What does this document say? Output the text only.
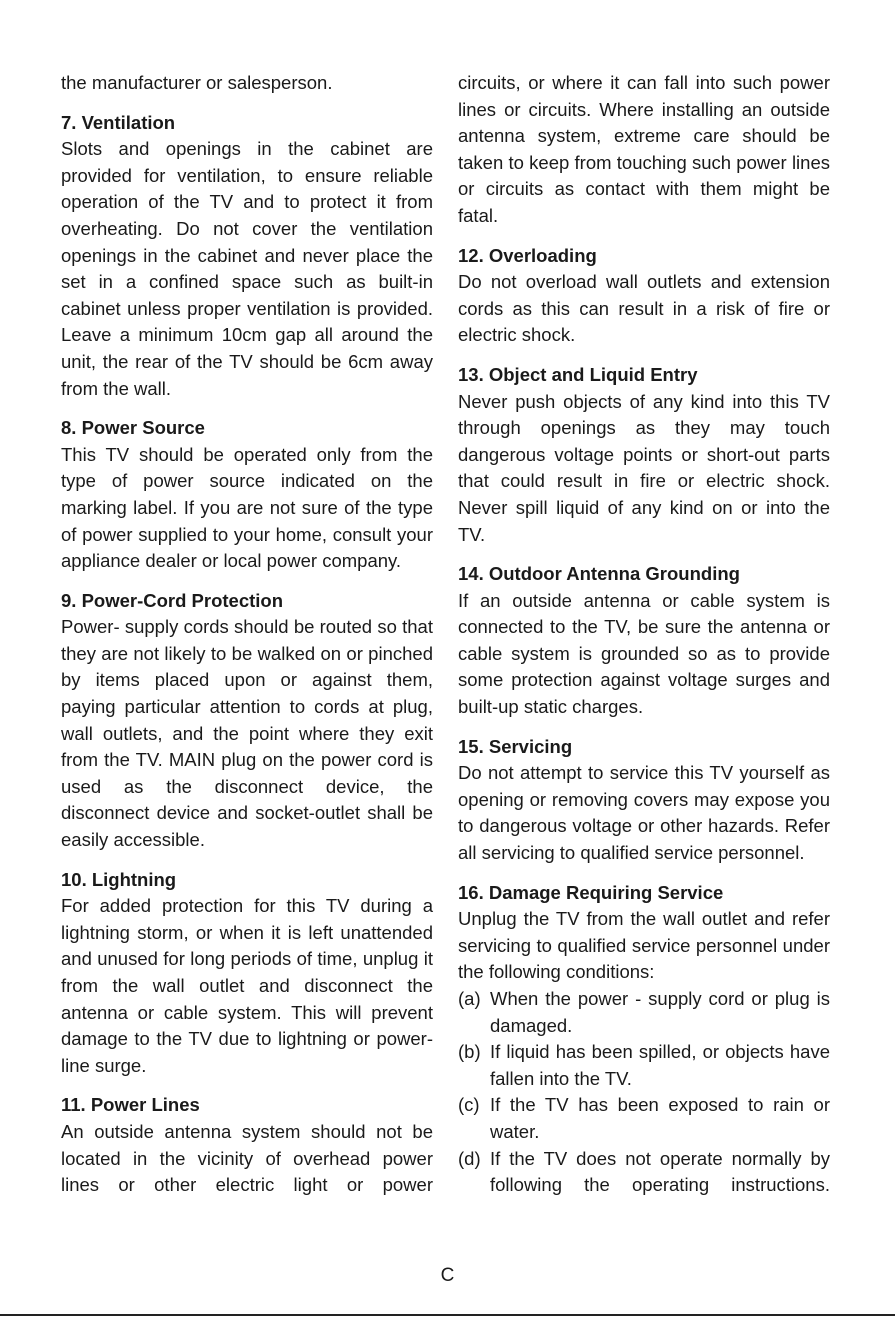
the manufacturer or salesperson.

7. Ventilation

Slots and openings in the cabinet are provided for ventilation, to ensure reliable operation of the TV and to protect it from overheating. Do not cover the ventilation openings in the cabinet and never place the set in a confined space such as built-in cabinet unless proper ventilation is provided. Leave a minimum 10cm gap all around the unit, the rear of the TV should be 6cm away from the wall.

8. Power Source

This TV should be operated only from the type of power source indicated on the marking label. If you are not sure of the type of power supplied to your home, consult your appliance dealer or local power company.

9. Power-Cord Protection

Power- supply cords should be routed so that they are not likely to be walked on or pinched by items placed upon or against them, paying particular attention to cords at plug, wall outlets, and the point where they exit from the TV. MAIN plug on the power cord is used as the disconnect device, the disconnect device and socket-outlet shall be easily accessible.

10. Lightning

For added protection for this TV during a lightning storm, or when it is left unattended and unused for long periods of time, unplug it from the wall outlet and disconnect the antenna or cable system. This will prevent damage to the TV due to lightning or power-line surge.

11. Power Lines

An outside antenna system should not be located in the vicinity of overhead power lines or other electric light or power

circuits, or where it can fall into such power lines or circuits. Where installing an outside antenna system, extreme care should be taken to keep from touching such power lines or circuits as contact with them might be fatal.

12. Overloading

Do not overload wall outlets and extension cords as this can result in a risk of fire or electric shock.

13. Object and Liquid Entry

Never push objects of any kind into this TV through openings as they may touch dangerous voltage points or short-out parts that could result in fire or electric shock. Never spill liquid of any kind on or into the TV.

14. Outdoor Antenna Grounding

If an outside antenna or cable system is connected to the TV, be sure the antenna or cable system is grounded so as to provide some protection against voltage surges and built-up static charges.

15. Servicing

Do not attempt to service this TV yourself as opening or removing covers may expose you to dangerous voltage or other hazards. Refer all servicing to qualified service personnel.

16. Damage Requiring Service

Unplug the TV from the wall outlet and refer servicing to qualified service personnel under the following conditions:

(a) When the power - supply cord or plug is damaged.
(b) If liquid has been spilled, or objects have fallen into the TV.
(c) If the TV has been exposed to rain or water.
(d) If the TV does not operate normally by following the operating instructions.
C
